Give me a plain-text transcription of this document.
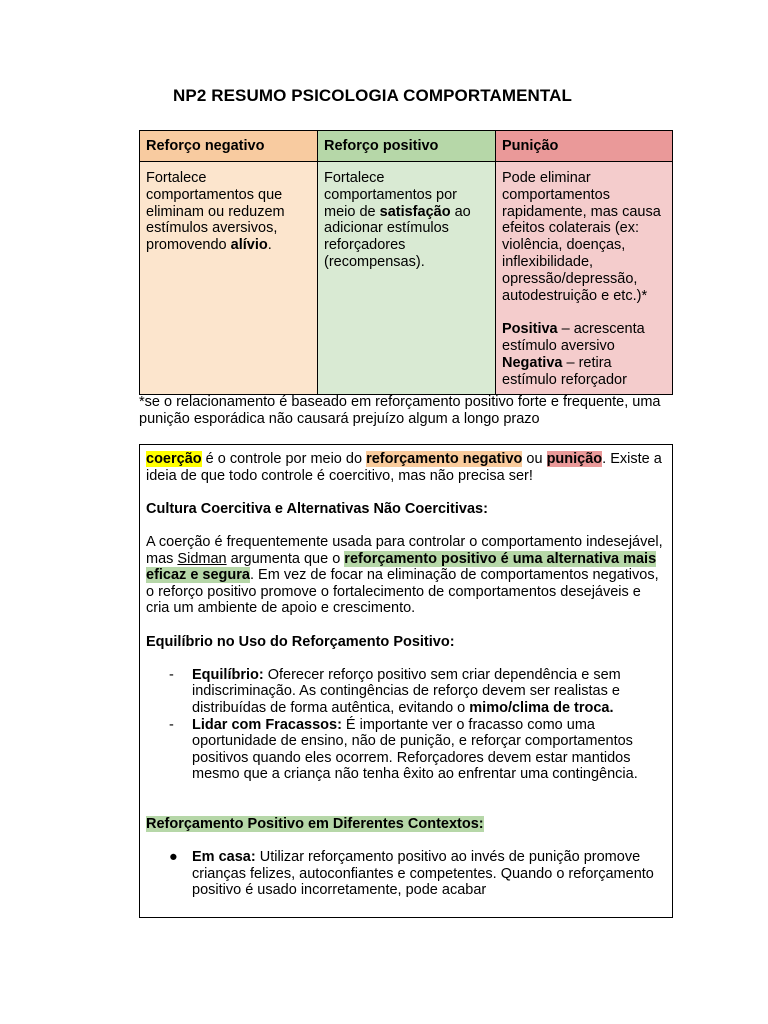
NP2 RESUMO PSICOLOGIA COMPORTAMENTAL
Reforço negativo	Reforço positivo	Punição
Fortalece comportamentos que eliminam ou reduzem estímulos aversivos, promovendo alívio.	Fortalece comportamentos por meio de satisfação ao adicionar estímulos reforçadores (recompensas).	Pode eliminar comportamentos rapidamente, mas causa efeitos colaterais (ex: violência, doenças, inflexibilidade, opressão/depressão, autodestruição e etc.)*
Positiva – acrescenta estímulo aversivo
Negativa – retira estímulo reforçador
*se o relacionamento é baseado em reforçamento positivo forte e frequente, uma punição esporádica não causará prejuízo algum a longo prazo

coerção é o controle por meio do reforçamento negativo ou punição. Existe a ideia de que todo controle é coercitivo, mas não precisa ser!

Cultura Coercitiva e Alternativas Não Coercitivas:

A coerção é frequentemente usada para controlar o comportamento indesejável, mas Sidman argumenta que o reforçamento positivo é uma alternativa mais eficaz e segura. Em vez de focar na eliminação de comportamentos negativos, o reforço positivo promove o fortalecimento de comportamentos desejáveis e cria um ambiente de apoio e crescimento.

Equilíbrio no Uso do Reforçamento Positivo:

- Equilíbrio: Oferecer reforço positivo sem criar dependência e sem indiscriminação. As contingências de reforço devem ser realistas e distribuídas de forma autêntica, evitando o mimo/clima de troca.
- Lidar com Fracassos: É importante ver o fracasso como uma oportunidade de ensino, não de punição, e reforçar comportamentos positivos quando eles ocorrem. Reforçadores devem estar mantidos mesmo que a criança não tenha êxito ao enfrentar uma contingência.

Reforçamento Positivo em Diferentes Contextos:

● Em casa: Utilizar reforçamento positivo ao invés de punição promove crianças felizes, autoconfiantes e competentes. Quando o reforçamento positivo é usado incorretamente, pode acabar
